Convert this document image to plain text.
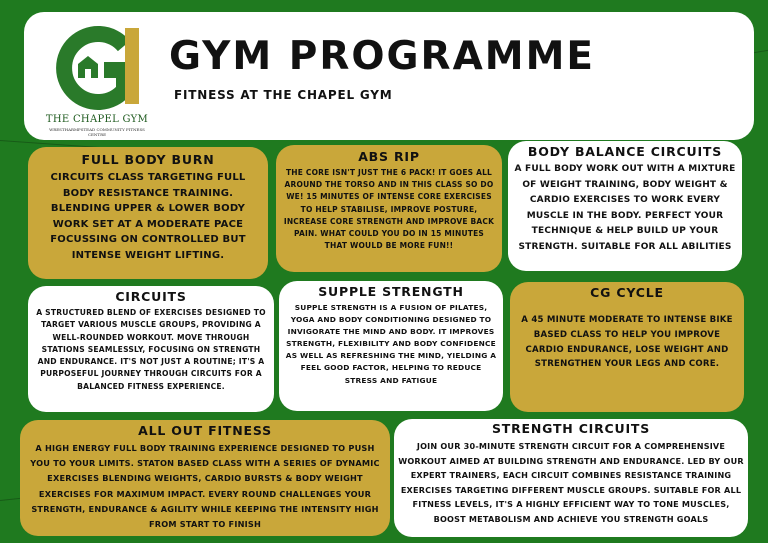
THE CHAPEL GYM
WRESTHARMPSTEAD COMMUNITY FITNESS CENTRE
GYM PROGRAMME
FITNESS AT THE CHAPEL GYM
FULL BODY BURN

CIRCUITS CLASS TARGETING FULL BODY RESISTANCE TRAINING. BLENDING UPPER & LOWER BODY WORK SET AT A MODERATE PACE FOCUSSING ON CONTROLLED BUT INTENSE WEIGHT LIFTING.

ABS RIP

THE CORE ISN'T JUST THE 6 PACK! IT GOES ALL AROUND THE TORSO AND IN THIS CLASS SO DO WE! 15 MINUTES OF INTENSE CORE EXERCISES TO HELP STABILISE, IMPROVE POSTURE, INCREASE CORE STRENGTH AND IMPROVE BACK PAIN. WHAT COULD YOU DO IN 15 MINUTES THAT WOULD BE MORE FUN!!

BODY BALANCE CIRCUITS

A FULL BODY WORK OUT WITH A MIXTURE OF WEIGHT TRAINING, BODY WEIGHT & CARDIO EXERCISES TO WORK EVERY MUSCLE IN THE BODY. PERFECT YOUR TECHNIQUE & HELP BUILD UP YOUR STRENGTH. SUITABLE FOR ALL ABILITIES

CIRCUITS

A STRUCTURED BLEND OF EXERCISES DESIGNED TO TARGET VARIOUS MUSCLE GROUPS, PROVIDING A WELL-ROUNDED WORKOUT. MOVE THROUGH STATIONS SEAMLESSLY, FOCUSING ON STRENGTH AND ENDURANCE. IT'S NOT JUST A ROUTINE; IT'S A PURPOSEFUL JOURNEY THROUGH CIRCUITS FOR A BALANCED FITNESS EXPERIENCE.

SUPPLE STRENGTH

SUPPLE STRENGTH IS A FUSION OF PILATES, YOGA AND BODY CONDITIONING DESIGNED TO INVIGORATE THE MIND AND BODY. IT IMPROVES STRENGTH, FLEXIBILITY AND BODY CONFIDENCE AS WELL AS REFRESHING THE MIND, YIELDING A FEEL GOOD FACTOR, HELPING TO REDUCE STRESS AND FATIGUE

CG CYCLE

A 45 MINUTE MODERATE TO INTENSE BIKE BASED CLASS TO HELP YOU IMPROVE CARDIO ENDURANCE, LOSE WEIGHT AND STRENGTHEN YOUR LEGS AND CORE.

ALL OUT FITNESS

A HIGH ENERGY FULL BODY TRAINING EXPERIENCE DESIGNED TO PUSH YOU TO YOUR LIMITS. STATON BASED CLASS WITH A SERIES OF DYNAMIC EXERCISES BLENDING WEIGHTS, CARDIO BURSTS & BODY WEIGHT EXERCISES FOR MAXIMUM IMPACT. EVERY ROUND CHALLENGES YOUR STRENGTH, ENDURANCE & AGILITY WHILE KEEPING THE INTENSITY HIGH FROM START TO FINISH

STRENGTH CIRCUITS

JOIN OUR 30-MINUTE STRENGTH CIRCUIT FOR A COMPREHENSIVE WORKOUT AIMED AT BUILDING STRENGTH AND ENDURANCE. LED BY OUR EXPERT TRAINERS, EACH CIRCUIT COMBINES RESISTANCE TRAINING EXERCISES TARGETING DIFFERENT MUSCLE GROUPS. SUITABLE FOR ALL FITNESS LEVELS, IT'S A HIGHLY EFFICIENT WAY TO TONE MUSCLES, BOOST METABOLISM AND ACHIEVE YOU STRENGTH GOALS
